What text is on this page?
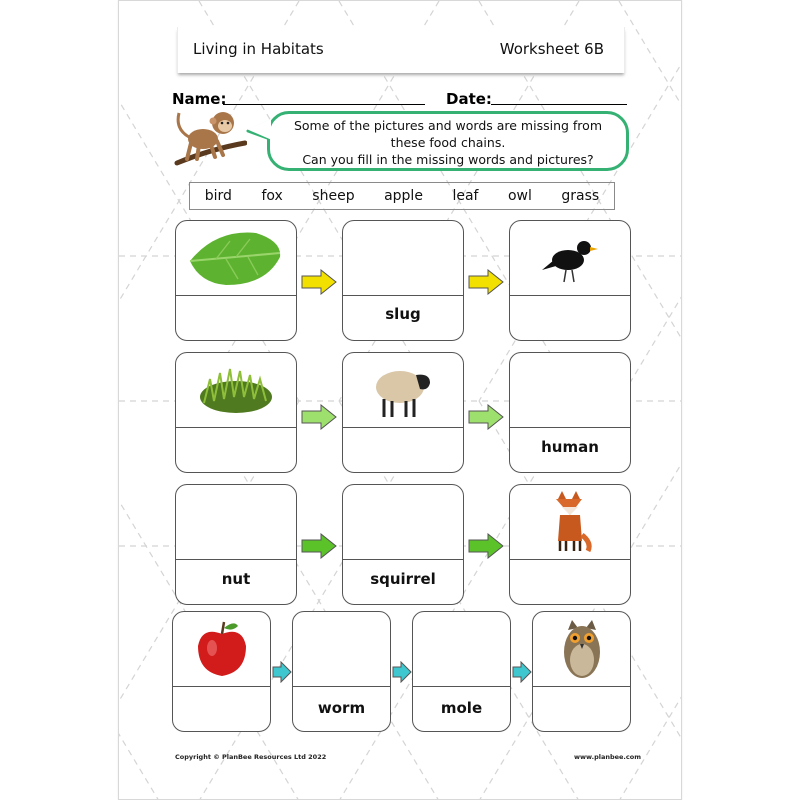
Living in Habitats	Worksheet 6B
Name:	Date:
Some of the pictures and words are missing from
these food chains.
Can you fill in the missing words and pictures?
bird fox sheep apple leaf owl grass
slug
human
nut	squirrel
worm	mole
Copyright © PlanBee Resources Ltd 2022	www.planbee.com
